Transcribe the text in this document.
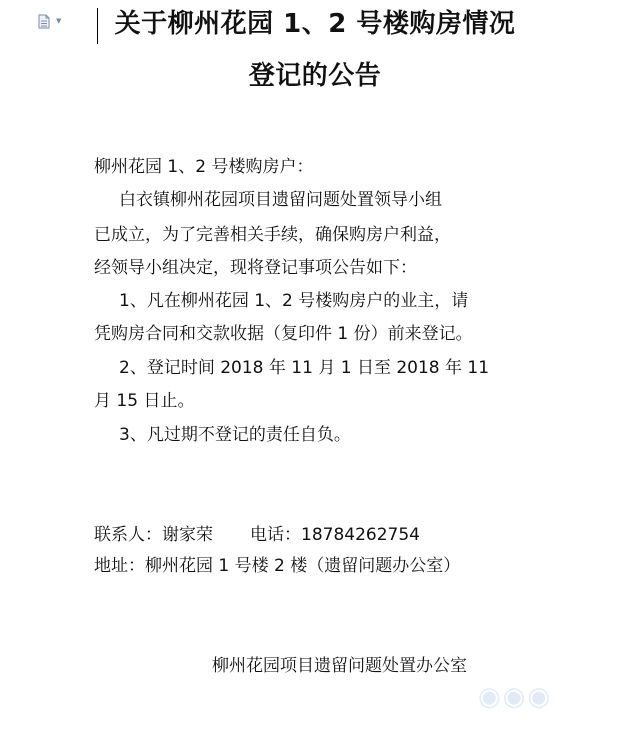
▼	关于柳州花园 1、2 号楼购房情况
登记的公告
柳州花园 1、2 号楼购房户：
白衣镇柳州花园项目遗留问题处置领导小组
已成立，为了完善相关手续，确保购房户利益，
经领导小组决定，现将登记事项公告如下：
1、凡在柳州花园 1、2 号楼购房户的业主，请
凭购房合同和交款收据（复印件 1 份）前来登记。
2、登记时间 2018 年 11 月 1 日至 2018 年 11
月 15 日止。
3、凡过期不登记的责任自负。
联系人：谢家荣 电话：18784262754
地址：柳州花园 1 号楼 2 楼（遗留问题办公室）
柳州花园项目遗留问题处置办公室
◉◉◉
